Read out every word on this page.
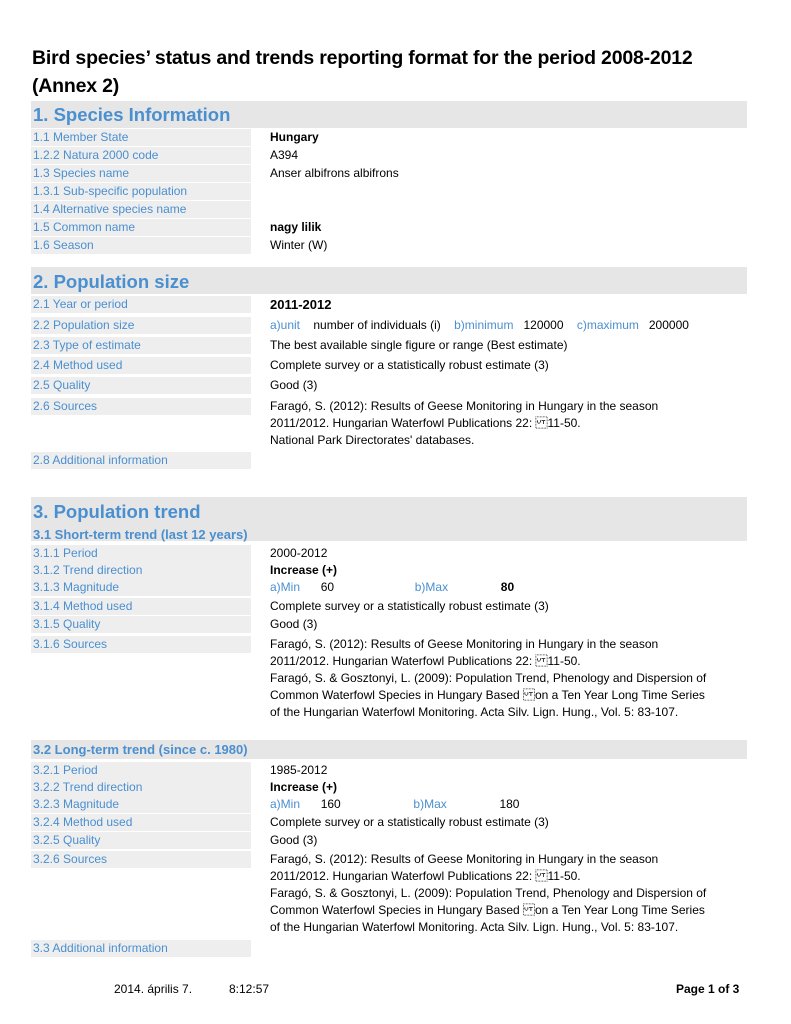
Bird species’ status and trends reporting format for the period 2008-2012
(Annex 2)
1. Species Information
1.1 Member State	Hungary
1.2.2 Natura 2000 code	A394
1.3 Species name	Anser albifrons albifrons
1.3.1 Sub-specific population
1.4 Alternative species name
1.5 Common name	nagy lilik
1.6 Season	Winter (W)
2. Population size
2.1 Year or period	2011-2012
2.2 Population size	a)unit number of individuals (i) b)minimum 120000 c)maximum 200000
2.3 Type of estimate	The best available single figure or range (Best estimate)
2.4 Method used	Complete survey or a statistically robust estimate (3)
2.5 Quality	Good (3)
2.6 Sources	Faragó, S. (2012): Results of Geese Monitoring in Hungary in the season
2011/2012. Hungarian Waterfowl Publications 22: 11-50.
National Park Directorates' databases.
2.8 Additional information
3. Population trend
3.1 Short-term trend (last 12 years)
3.1.1 Period	2000-2012
3.1.2 Trend direction	Increase (+)
3.1.3 Magnitude	a)Min 60	b)Max	80
3.1.4 Method used	Complete survey or a statistically robust estimate (3)
3.1.5 Quality	Good (3)
3.1.6 Sources	Faragó, S. (2012): Results of Geese Monitoring in Hungary in the season
2011/2012. Hungarian Waterfowl Publications 22: 11-50.
Faragó, S. & Gosztonyi, L. (2009): Population Trend, Phenology and Dispersion of
Common Waterfowl Species in Hungary Based on a Ten Year Long Time Series
of the Hungarian Waterfowl Monitoring. Acta Silv. Lign. Hung., Vol. 5: 83-107.
3.2 Long-term trend (since c. 1980)
3.2.1 Period	1985-2012
3.2.2 Trend direction	Increase (+)
3.2.3 Magnitude	a)Min 160	b)Max	180
3.2.4 Method used	Complete survey or a statistically robust estimate (3)
3.2.5 Quality	Good (3)
3.2.6 Sources	Faragó, S. (2012): Results of Geese Monitoring in Hungary in the season
2011/2012. Hungarian Waterfowl Publications 22: 11-50.
Faragó, S. & Gosztonyi, L. (2009): Population Trend, Phenology and Dispersion of
Common Waterfowl Species in Hungary Based on a Ten Year Long Time Series
of the Hungarian Waterfowl Monitoring. Acta Silv. Lign. Hung., Vol. 5: 83-107.
3.3 Additional information
2014. április 7.	8:12:57	Page 1 of 3
